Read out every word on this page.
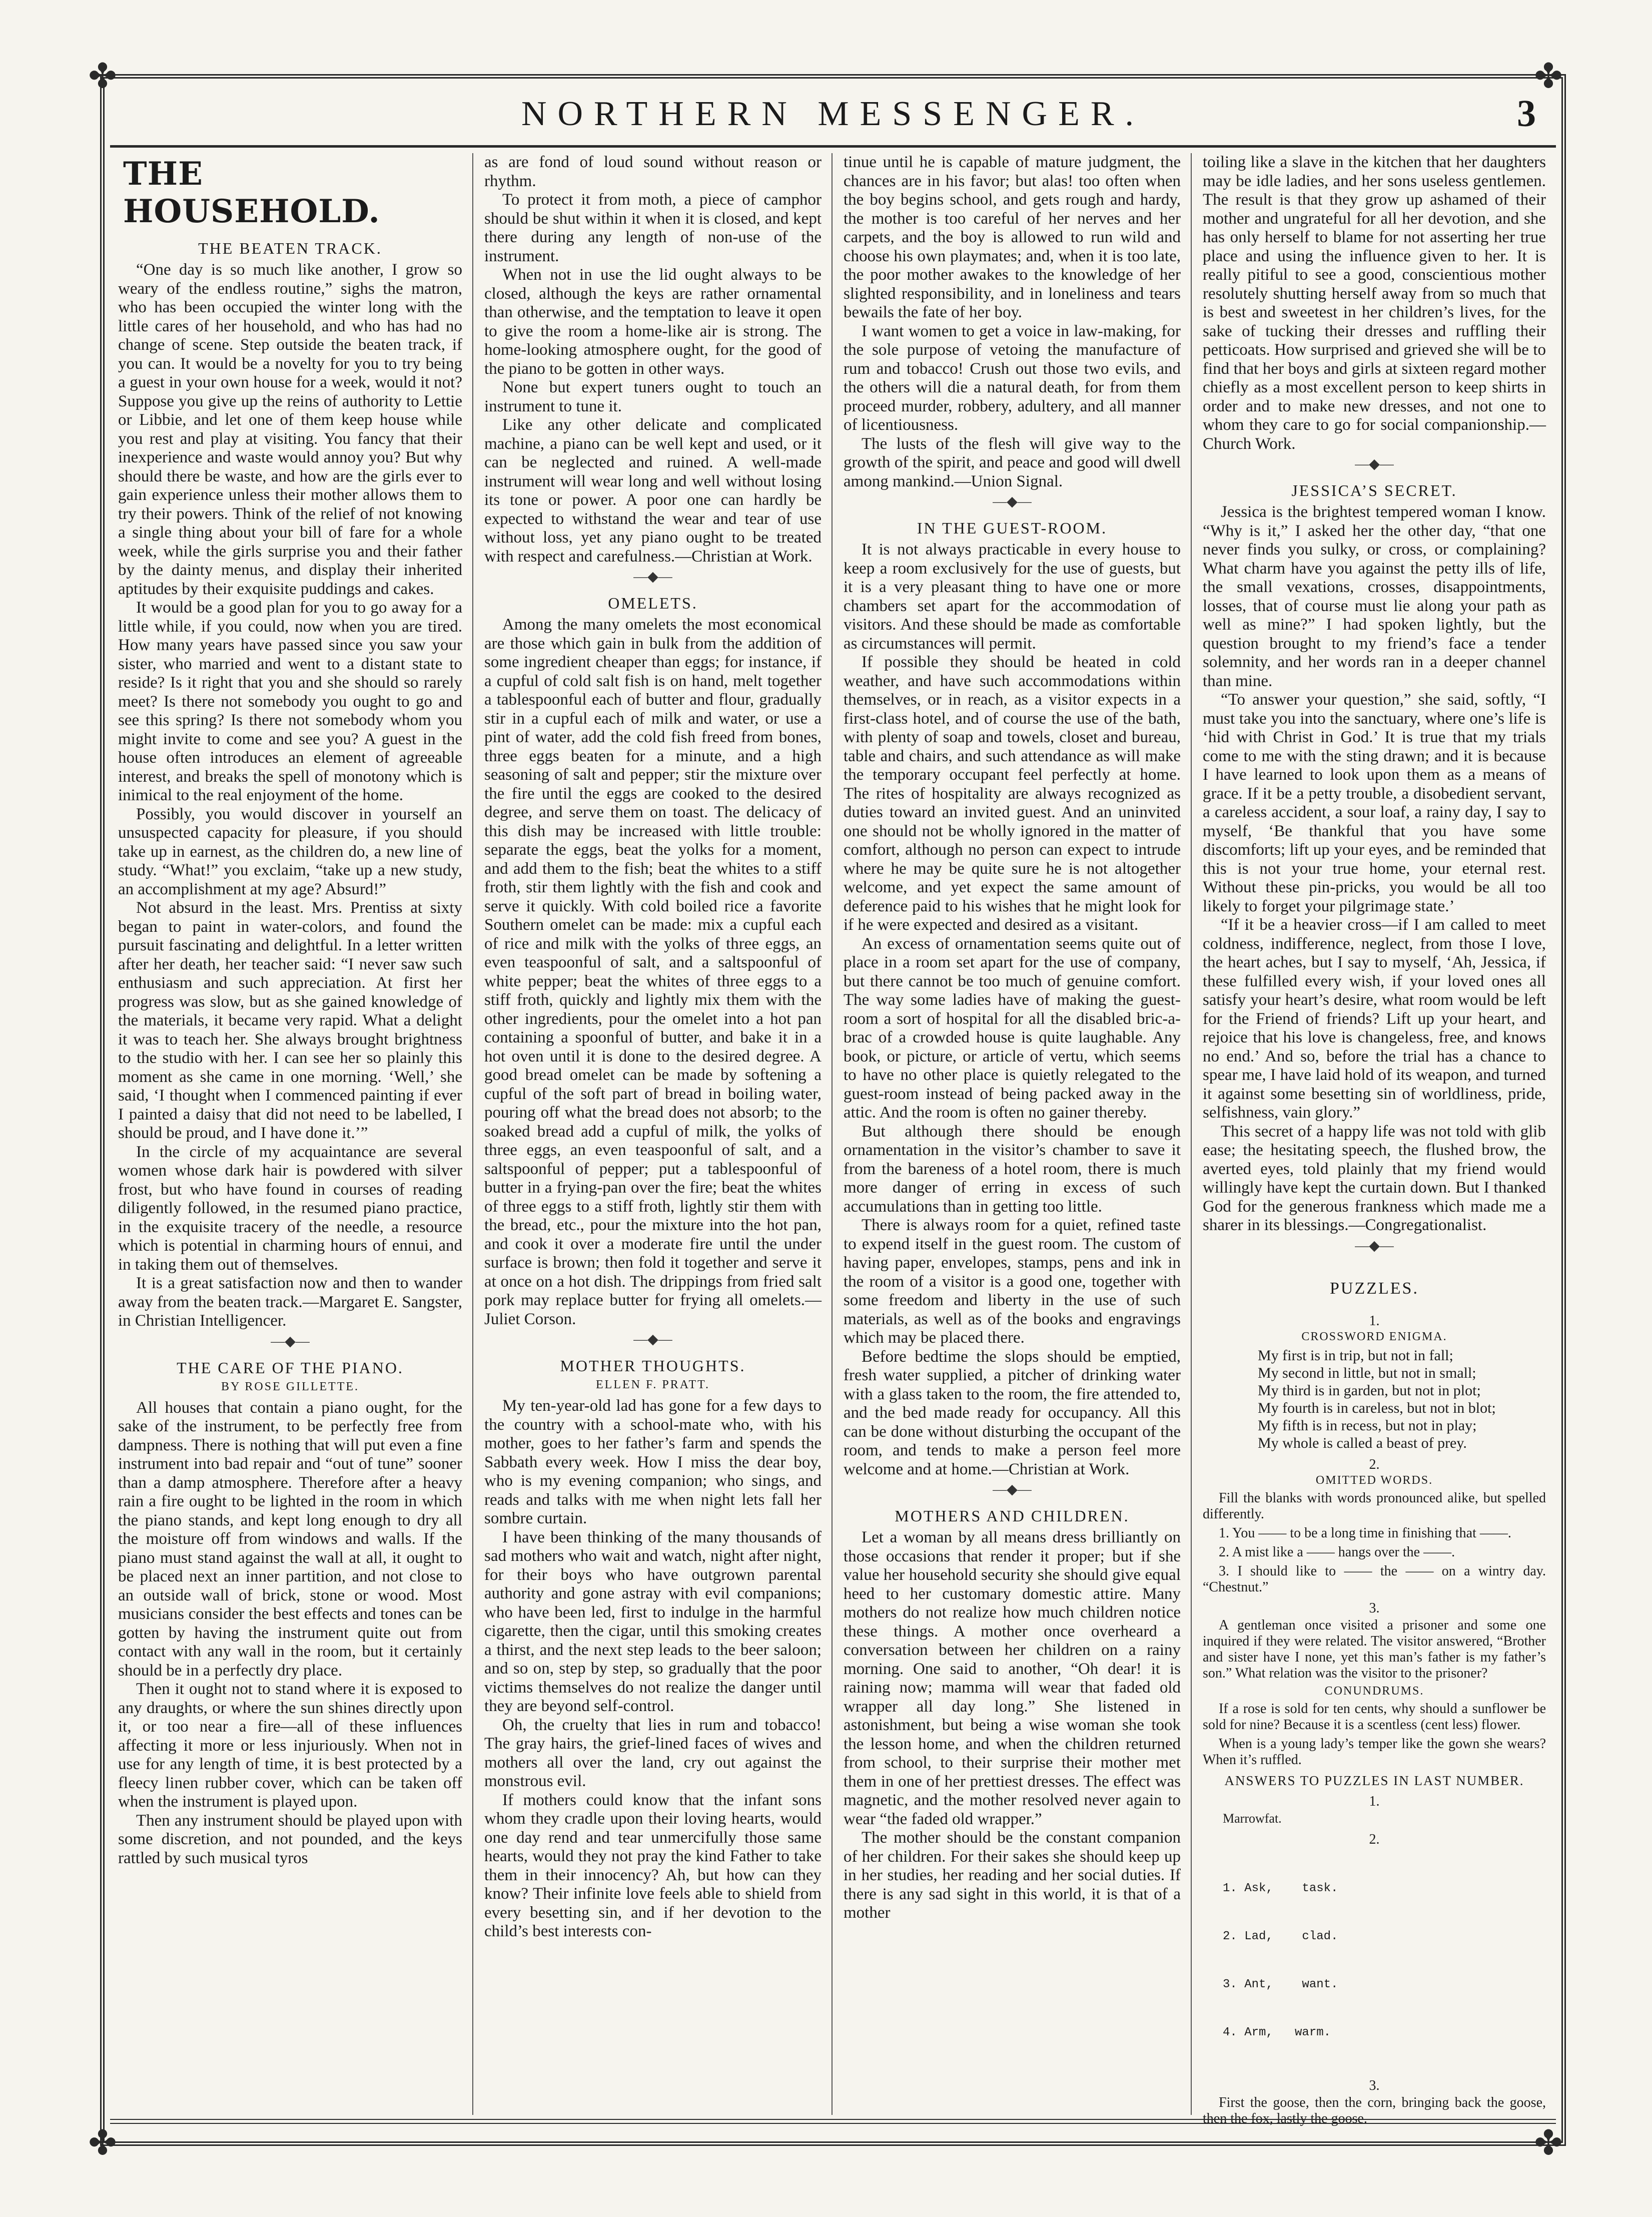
✤	✤
✤	✤
NORTHERN MESSENGER.	3
THE HOUSEHOLD.
THE BEATEN TRACK.

“One day is so much like another, I grow so weary of the endless routine,” sighs the matron, who has been occupied the winter long with the little cares of her household, and who has had no change of scene. Step outside the beaten track, if you can. It would be a novelty for you to try being a guest in your own house for a week, would it not? Suppose you give up the reins of authority to Lettie or Libbie, and let one of them keep house while you rest and play at visiting. You fancy that their inexperience and waste would annoy you? But why should there be waste, and how are the girls ever to gain experience unless their mother allows them to try their powers. Think of the relief of not knowing a single thing about your bill of fare for a whole week, while the girls surprise you and their father by the dainty menus, and display their inherited aptitudes by their exquisite puddings and cakes.

It would be a good plan for you to go away for a little while, if you could, now when you are tired. How many years have passed since you saw your sister, who married and went to a distant state to reside? Is it right that you and she should so rarely meet? Is there not somebody you ought to go and see this spring? Is there not somebody whom you might invite to come and see you? A guest in the house often introduces an element of agreeable interest, and breaks the spell of monotony which is inimical to the real enjoyment of the home.

Possibly, you would discover in yourself an unsuspected capacity for pleasure, if you should take up in earnest, as the children do, a new line of study. “What!” you exclaim, “take up a new study, an accomplishment at my age? Absurd!”

Not absurd in the least. Mrs. Prentiss at sixty began to paint in water-colors, and found the pursuit fascinating and delightful. In a letter written after her death, her teacher said: “I never saw such enthusiasm and such appreciation. At first her progress was slow, but as she gained knowledge of the materials, it became very rapid. What a delight it was to teach her. She always brought brightness to the studio with her. I can see her so plainly this moment as she came in one morning. ‘Well,’ she said, ‘I thought when I commenced painting if ever I painted a daisy that did not need to be labelled, I should be proud, and I have done it.’”

In the circle of my acquaintance are several women whose dark hair is powdered with silver frost, but who have found in courses of reading diligently followed, in the resumed piano practice, in the exquisite tracery of the needle, a resource which is potential in charming hours of ennui, and in taking them out of themselves.

It is a great satisfaction now and then to wander away from the beaten track.—Margaret E. Sangster, in Christian Intelligencer.

—◆—
THE CARE OF THE PIANO.
BY ROSE GILLETTE.

All houses that contain a piano ought, for the sake of the instrument, to be perfectly free from dampness. There is nothing that will put even a fine instrument into bad repair and “out of tune” sooner than a damp atmosphere. Therefore after a heavy rain a fire ought to be lighted in the room in which the piano stands, and kept long enough to dry all the moisture off from windows and walls. If the piano must stand against the wall at all, it ought to be placed next an inner partition, and not close to an outside wall of brick, stone or wood. Most musicians consider the best effects and tones can be gotten by having the instrument quite out from contact with any wall in the room, but it certainly should be in a perfectly dry place.

Then it ought not to stand where it is exposed to any draughts, or where the sun shines directly upon it, or too near a fire—all of these influences affecting it more or less injuriously. When not in use for any length of time, it is best protected by a fleecy linen rubber cover, which can be taken off when the instrument is played upon.

Then any instrument should be played upon with some discretion, and not pounded, and the keys rattled by such musical tyros

as are fond of loud sound without reason or rhythm.

To protect it from moth, a piece of camphor should be shut within it when it is closed, and kept there during any length of non-use of the instrument.

When not in use the lid ought always to be closed, although the keys are rather ornamental than otherwise, and the temptation to leave it open to give the room a home-like air is strong. The home-looking atmosphere ought, for the good of the piano to be gotten in other ways.

None but expert tuners ought to touch an instrument to tune it.

Like any other delicate and complicated machine, a piano can be well kept and used, or it can be neglected and ruined. A well-made instrument will wear long and well without losing its tone or power. A poor one can hardly be expected to withstand the wear and tear of use without loss, yet any piano ought to be treated with respect and carefulness.—Christian at Work.

—◆—
OMELETS.

Among the many omelets the most economical are those which gain in bulk from the addition of some ingredient cheaper than eggs; for instance, if a cupful of cold salt fish is on hand, melt together a tablespoonful each of butter and flour, gradually stir in a cupful each of milk and water, or use a pint of water, add the cold fish freed from bones, three eggs beaten for a minute, and a high seasoning of salt and pepper; stir the mixture over the fire until the eggs are cooked to the desired degree, and serve them on toast. The delicacy of this dish may be increased with little trouble: separate the eggs, beat the yolks for a moment, and add them to the fish; beat the whites to a stiff froth, stir them lightly with the fish and cook and serve it quickly. With cold boiled rice a favorite Southern omelet can be made: mix a cupful each of rice and milk with the yolks of three eggs, an even teaspoonful of salt, and a saltspoonful of white pepper; beat the whites of three eggs to a stiff froth, quickly and lightly mix them with the other ingredients, pour the omelet into a hot pan containing a spoonful of butter, and bake it in a hot oven until it is done to the desired degree. A good bread omelet can be made by softening a cupful of the soft part of bread in boiling water, pouring off what the bread does not absorb; to the soaked bread add a cupful of milk, the yolks of three eggs, an even teaspoonful of salt, and a saltspoonful of pepper; put a tablespoonful of butter in a frying-pan over the fire; beat the whites of three eggs to a stiff froth, lightly stir them with the bread, etc., pour the mixture into the hot pan, and cook it over a moderate fire until the under surface is brown; then fold it together and serve it at once on a hot dish. The drippings from fried salt pork may replace butter for frying all omelets.—Juliet Corson.

—◆—
MOTHER THOUGHTS.
ELLEN F. PRATT.

My ten-year-old lad has gone for a few days to the country with a school-mate who, with his mother, goes to her father’s farm and spends the Sabbath every week. How I miss the dear boy, who is my evening companion; who sings, and reads and talks with me when night lets fall her sombre curtain.

I have been thinking of the many thousands of sad mothers who wait and watch, night after night, for their boys who have outgrown parental authority and gone astray with evil companions; who have been led, first to indulge in the harmful cigarette, then the cigar, until this smoking creates a thirst, and the next step leads to the beer saloon; and so on, step by step, so gradually that the poor victims themselves do not realize the danger until they are beyond self-control.

Oh, the cruelty that lies in rum and tobacco! The gray hairs, the grief-lined faces of wives and mothers all over the land, cry out against the monstrous evil.

If mothers could know that the infant sons whom they cradle upon their loving hearts, would one day rend and tear unmercifully those same hearts, would they not pray the kind Father to take them in their innocency? Ah, but how can they know? Their infinite love feels able to shield from every besetting sin, and if her devotion to the child’s best interests con-

tinue until he is capable of mature judgment, the chances are in his favor; but alas! too often when the boy begins school, and gets rough and hardy, the mother is too careful of her nerves and her carpets, and the boy is allowed to run wild and choose his own playmates; and, when it is too late, the poor mother awakes to the knowledge of her slighted responsibility, and in loneliness and tears bewails the fate of her boy.

I want women to get a voice in law-making, for the sole purpose of vetoing the manufacture of rum and tobacco! Crush out those two evils, and the others will die a natural death, for from them proceed murder, robbery, adultery, and all manner of licentiousness.

The lusts of the flesh will give way to the growth of the spirit, and peace and good will dwell among mankind.—Union Signal.

—◆—
IN THE GUEST-ROOM.

It is not always practicable in every house to keep a room exclusively for the use of guests, but it is a very pleasant thing to have one or more chambers set apart for the accommodation of visitors. And these should be made as comfortable as circumstances will permit.

If possible they should be heated in cold weather, and have such accommodations within themselves, or in reach, as a visitor expects in a first-class hotel, and of course the use of the bath, with plenty of soap and towels, closet and bureau, table and chairs, and such attendance as will make the temporary occupant feel perfectly at home. The rites of hospitality are always recognized as duties toward an invited guest. And an uninvited one should not be wholly ignored in the matter of comfort, although no person can expect to intrude where he may be quite sure he is not altogether welcome, and yet expect the same amount of deference paid to his wishes that he might look for if he were expected and desired as a visitant.

An excess of ornamentation seems quite out of place in a room set apart for the use of company, but there cannot be too much of genuine comfort. The way some ladies have of making the guest-room a sort of hospital for all the disabled bric-a-brac of a crowded house is quite laughable. Any book, or picture, or article of vertu, which seems to have no other place is quietly relegated to the guest-room instead of being packed away in the attic. And the room is often no gainer thereby.

But although there should be enough ornamentation in the visitor’s chamber to save it from the bareness of a hotel room, there is much more danger of erring in excess of such accumulations than in getting too little.

There is always room for a quiet, refined taste to expend itself in the guest room. The custom of having paper, envelopes, stamps, pens and ink in the room of a visitor is a good one, together with some freedom and liberty in the use of such materials, as well as of the books and engravings which may be placed there.

Before bedtime the slops should be emptied, fresh water supplied, a pitcher of drinking water with a glass taken to the room, the fire attended to, and the bed made ready for occupancy. All this can be done without disturbing the occupant of the room, and tends to make a person feel more welcome and at home.—Christian at Work.

—◆—
MOTHERS AND CHILDREN.

Let a woman by all means dress brilliantly on those occasions that render it proper; but if she value her household security she should give equal heed to her customary domestic attire. Many mothers do not realize how much children notice these things. A mother once overheard a conversation between her children on a rainy morning. One said to another, “Oh dear! it is raining now; mamma will wear that faded old wrapper all day long.” She listened in astonishment, but being a wise woman she took the lesson home, and when the children returned from school, to their surprise their mother met them in one of her prettiest dresses. The effect was magnetic, and the mother resolved never again to wear “the faded old wrapper.”

The mother should be the constant companion of her children. For their sakes she should keep up in her studies, her reading and her social duties. If there is any sad sight in this world, it is that of a mother

toiling like a slave in the kitchen that her daughters may be idle ladies, and her sons useless gentlemen. The result is that they grow up ashamed of their mother and ungrateful for all her devotion, and she has only herself to blame for not asserting her true place and using the influence given to her. It is really pitiful to see a good, conscientious mother resolutely shutting herself away from so much that is best and sweetest in her children’s lives, for the sake of tucking their dresses and ruffling their petticoats. How surprised and grieved she will be to find that her boys and girls at sixteen regard mother chiefly as a most excellent person to keep shirts in order and to make new dresses, and not one to whom they care to go for social companionship.—Church Work.

—◆—
JESSICA’S SECRET.

Jessica is the brightest tempered woman I know. “Why is it,” I asked her the other day, “that one never finds you sulky, or cross, or complaining? What charm have you against the petty ills of life, the small vexations, crosses, disappointments, losses, that of course must lie along your path as well as mine?” I had spoken lightly, but the question brought to my friend’s face a tender solemnity, and her words ran in a deeper channel than mine.

“To answer your question,” she said, softly, “I must take you into the sanctuary, where one’s life is ‘hid with Christ in God.’ It is true that my trials come to me with the sting drawn; and it is because I have learned to look upon them as a means of grace. If it be a petty trouble, a disobedient servant, a careless accident, a sour loaf, a rainy day, I say to myself, ‘Be thankful that you have some discomforts; lift up your eyes, and be reminded that this is not your true home, your eternal rest. Without these pin-pricks, you would be all too likely to forget your pilgrimage state.’

“If it be a heavier cross—if I am called to meet coldness, indifference, neglect, from those I love, the heart aches, but I say to myself, ‘Ah, Jessica, if these fulfilled every wish, if your loved ones all satisfy your heart’s desire, what room would be left for the Friend of friends? Lift up your heart, and rejoice that his love is changeless, free, and knows no end.’ And so, before the trial has a chance to spear me, I have laid hold of its weapon, and turned it against some besetting sin of worldliness, pride, selfishness, vain glory.”

This secret of a happy life was not told with glib ease; the hesitating speech, the flushed brow, the averted eyes, told plainly that my friend would willingly have kept the curtain down. But I thanked God for the generous frankness which made me a sharer in its blessings.—Congregationalist.

—◆—
PUZZLES.
1.
CROSSWORD ENIGMA.
My first is in trip, but not in fall;
My second in little, but not in small;
My third is in garden, but not in plot;
My fourth is in careless, but not in blot;
My fifth is in recess, but not in play;
My whole is called a beast of prey.
2.
OMITTED WORDS.

Fill the blanks with words pronounced alike, but spelled differently.

1. You —— to be a long time in finishing that ——.

2. A mist like a —— hangs over the ——.

3. I should like to —— the —— on a wintry day. “Chestnut.”

3.

A gentleman once visited a prisoner and some one inquired if they were related. The visitor answered, “Brother and sister have I none, yet this man’s father is my father’s son.” What relation was the visitor to the prisoner?

CONUNDRUMS.

If a rose is sold for ten cents, why should a sunflower be sold for nine? Because it is a scentless (cent less) flower.

When is a young lady’s temper like the gown she wears? When it’s ruffled.

ANSWERS TO PUZZLES IN LAST NUMBER.
1.
Marrowfat.
2.

1. Ask,    task.

2. Lad,    clad.

3. Ant,    want.

4. Arm,   warm.

3.

First the goose, then the corn, bringing back the goose, then the fox, lastly the goose.
